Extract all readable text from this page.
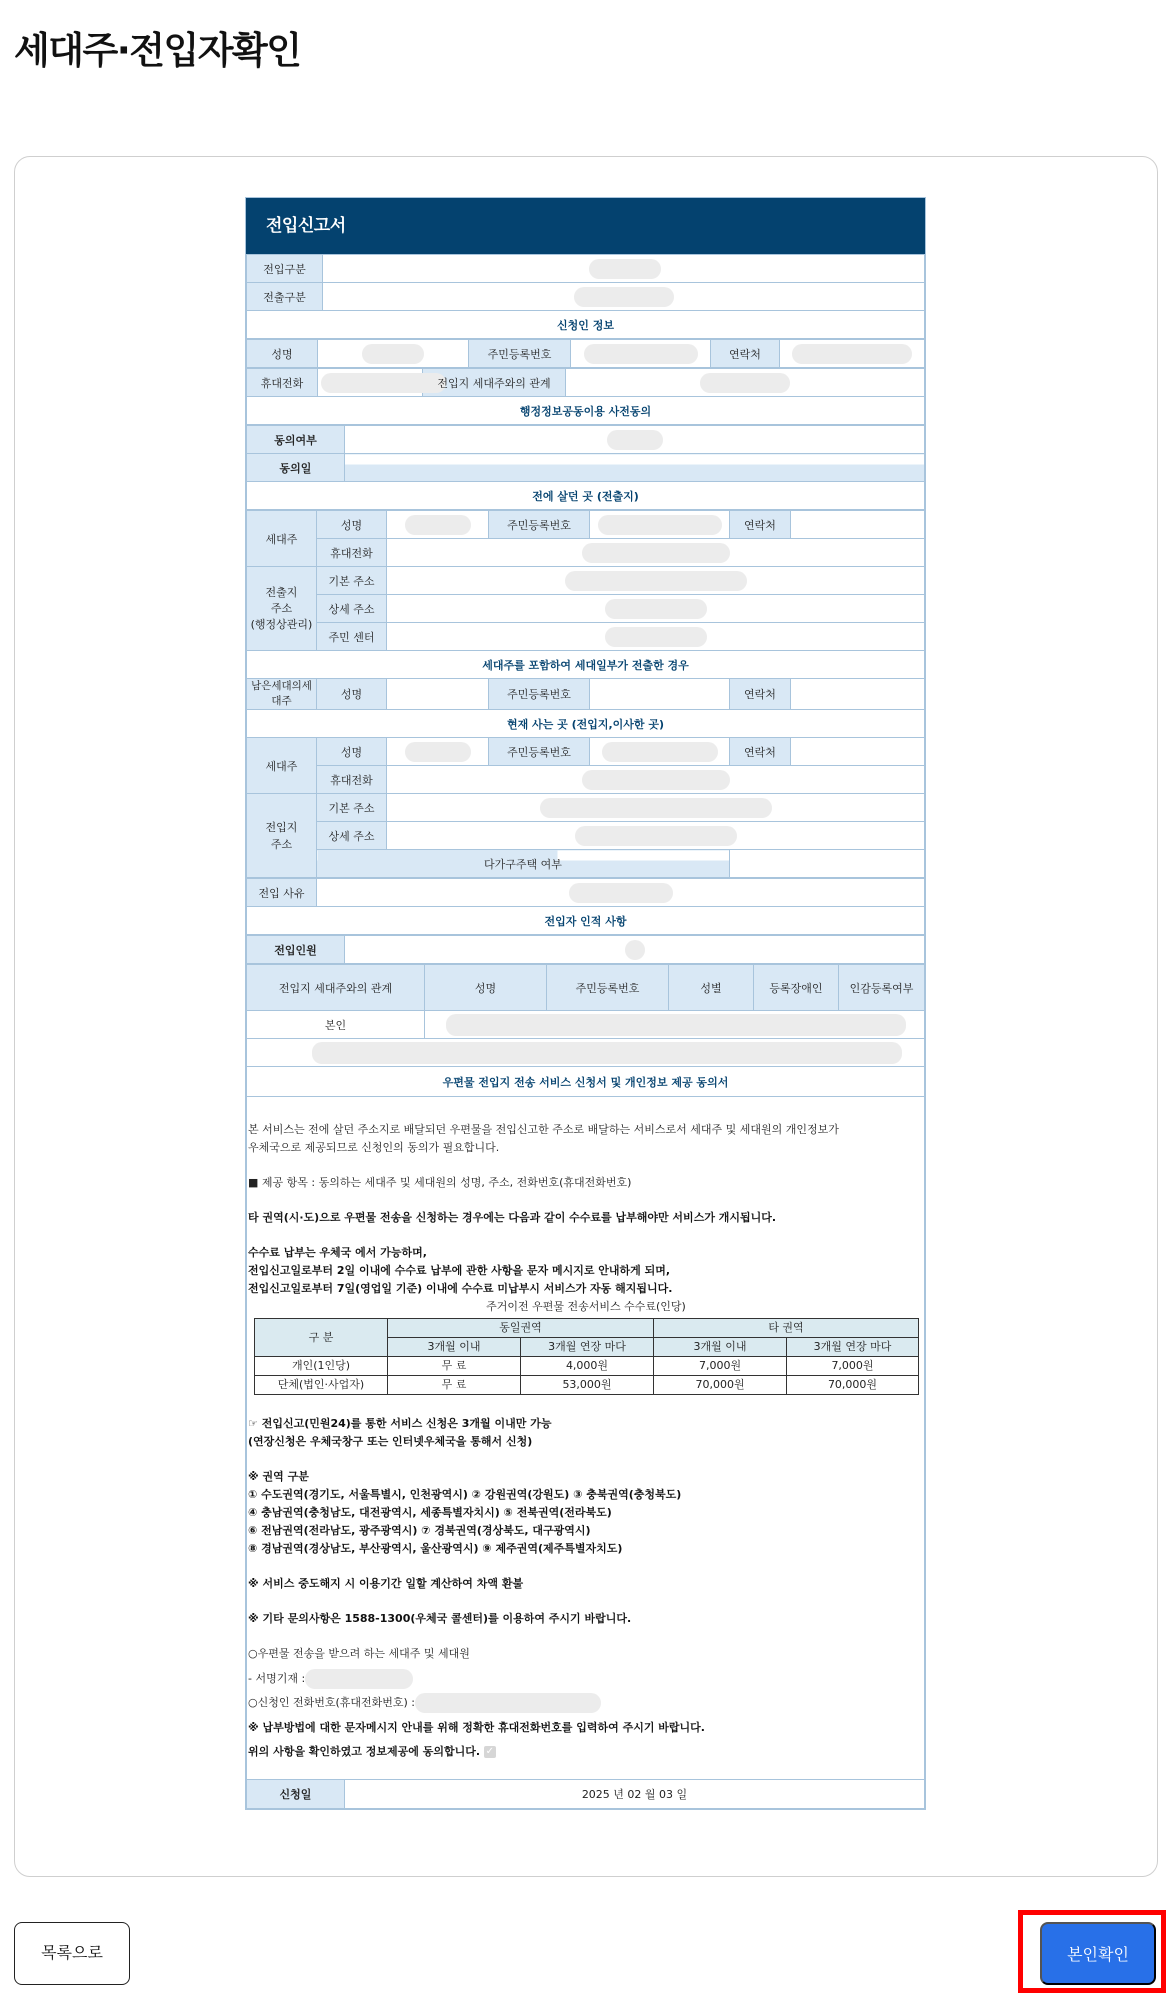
세대주·전입자확인
전입신고서
전입구분	
전출구분	
신청인 정보	
성명		주민등록번호		연락처	
휴대전화		전입지 세대주와의 관계	
행정정보공동이용 사전동의
동의여부	
동의일	
전에 살던 곳 (전출지)	
세대주	성명		주민등록번호		연락처	
	휴대전화					

전출지
주소
(행정상관리)	기본 주소					
	상세 주소					
	주민 센터					
세대주를 포함하여 세대일부가 전출한 경우						

남은세대의세
대주	성명		주민등록번호		연락처	
현재 사는 곳 (전입지,이사한 곳)						
세대주	성명		주민등록번호		연락처	
	휴대전화					

전입지
주소	기본 주소					
	상세 주소					
	다가구주택 여부					
전입 사유	
전입자 인적 사항
전입인원	
전입지 세대주와의 관계	성명	주민등록번호	성별	등록장애인	인감등록여부
본인					

우편물 전입지 전송 서비스 신청서 및 개인정보 제공 동의서					

본 서비스는 전에 살던 주소지로 배달되던 우편물을 전입신고한 주소로 배달하는 서비스로서 세대주 및 세대원의 개인정보가

우체국으로 제공되므로 신청인의 동의가 필요합니다.

■ 제공 항목 : 동의하는 세대주 및 세대원의 성명, 주소, 전화번호(휴대전화번호)

타 권역(시·도)으로 우편물 전송을 신청하는 경우에는 다음과 같이 수수료를 납부해야만 서비스가 개시됩니다.

수수료 납부는 우체국 에서 가능하며,

전입신고일로부터 2일 이내에 수수료 납부에 관한 사항을 문자 메시지로 안내하게 되며,

전입신고일로부터 7일(영업일 기준) 이내에 수수료 미납부시 서비스가 자동 해지됩니다.

주거이전 우편물 전송서비스 수수료(인당)
구 분	동일권역		타 권역	
	3개월 이내	3개월 연장 마다	3개월 이내	3개월 연장 마다
개인(1인당)	무 료	4,000원	7,000원	7,000원
단체(법인·사업자)	무 료	53,000원	70,000원	70,000원

☞ 전입신고(민원24)를 통한 서비스 신청은 3개월 이내만 가능

(연장신청은 우체국창구 또는 인터넷우체국을 통해서 신청)

※ 권역 구분

① 수도권역(경기도, 서울특별시, 인천광역시) ② 강원권역(강원도) ③ 충북권역(충청북도)

④ 충남권역(충청남도, 대전광역시, 세종특별자치시) ⑤ 전북권역(전라북도)

⑥ 전남권역(전라남도, 광주광역시) ⑦ 경북권역(경상북도, 대구광역시)

⑧ 경남권역(경상남도, 부산광역시, 울산광역시) ⑨ 제주권역(제주특별자치도)

※ 서비스 중도해지 시 이용기간 일할 계산하여 차액 환불

※ 기타 문의사항은 1588-1300(우체국 콜센터)를 이용하여 주시기 바랍니다.

○우편물 전송을 받으려 하는 세대주 및 세대원

- 서명기재 :

○신청인 전화번호(휴대전화번호) :

※ 납부방법에 대한 문자메시지 안내를 위해 정확한 휴대전화번호를 입력하여 주시기 바랍니다.

위의 사항을 확인하였고 정보제공에 동의합니다. ✓

신청일	2025 년 02 월 03 일
목록으로	본인확인
